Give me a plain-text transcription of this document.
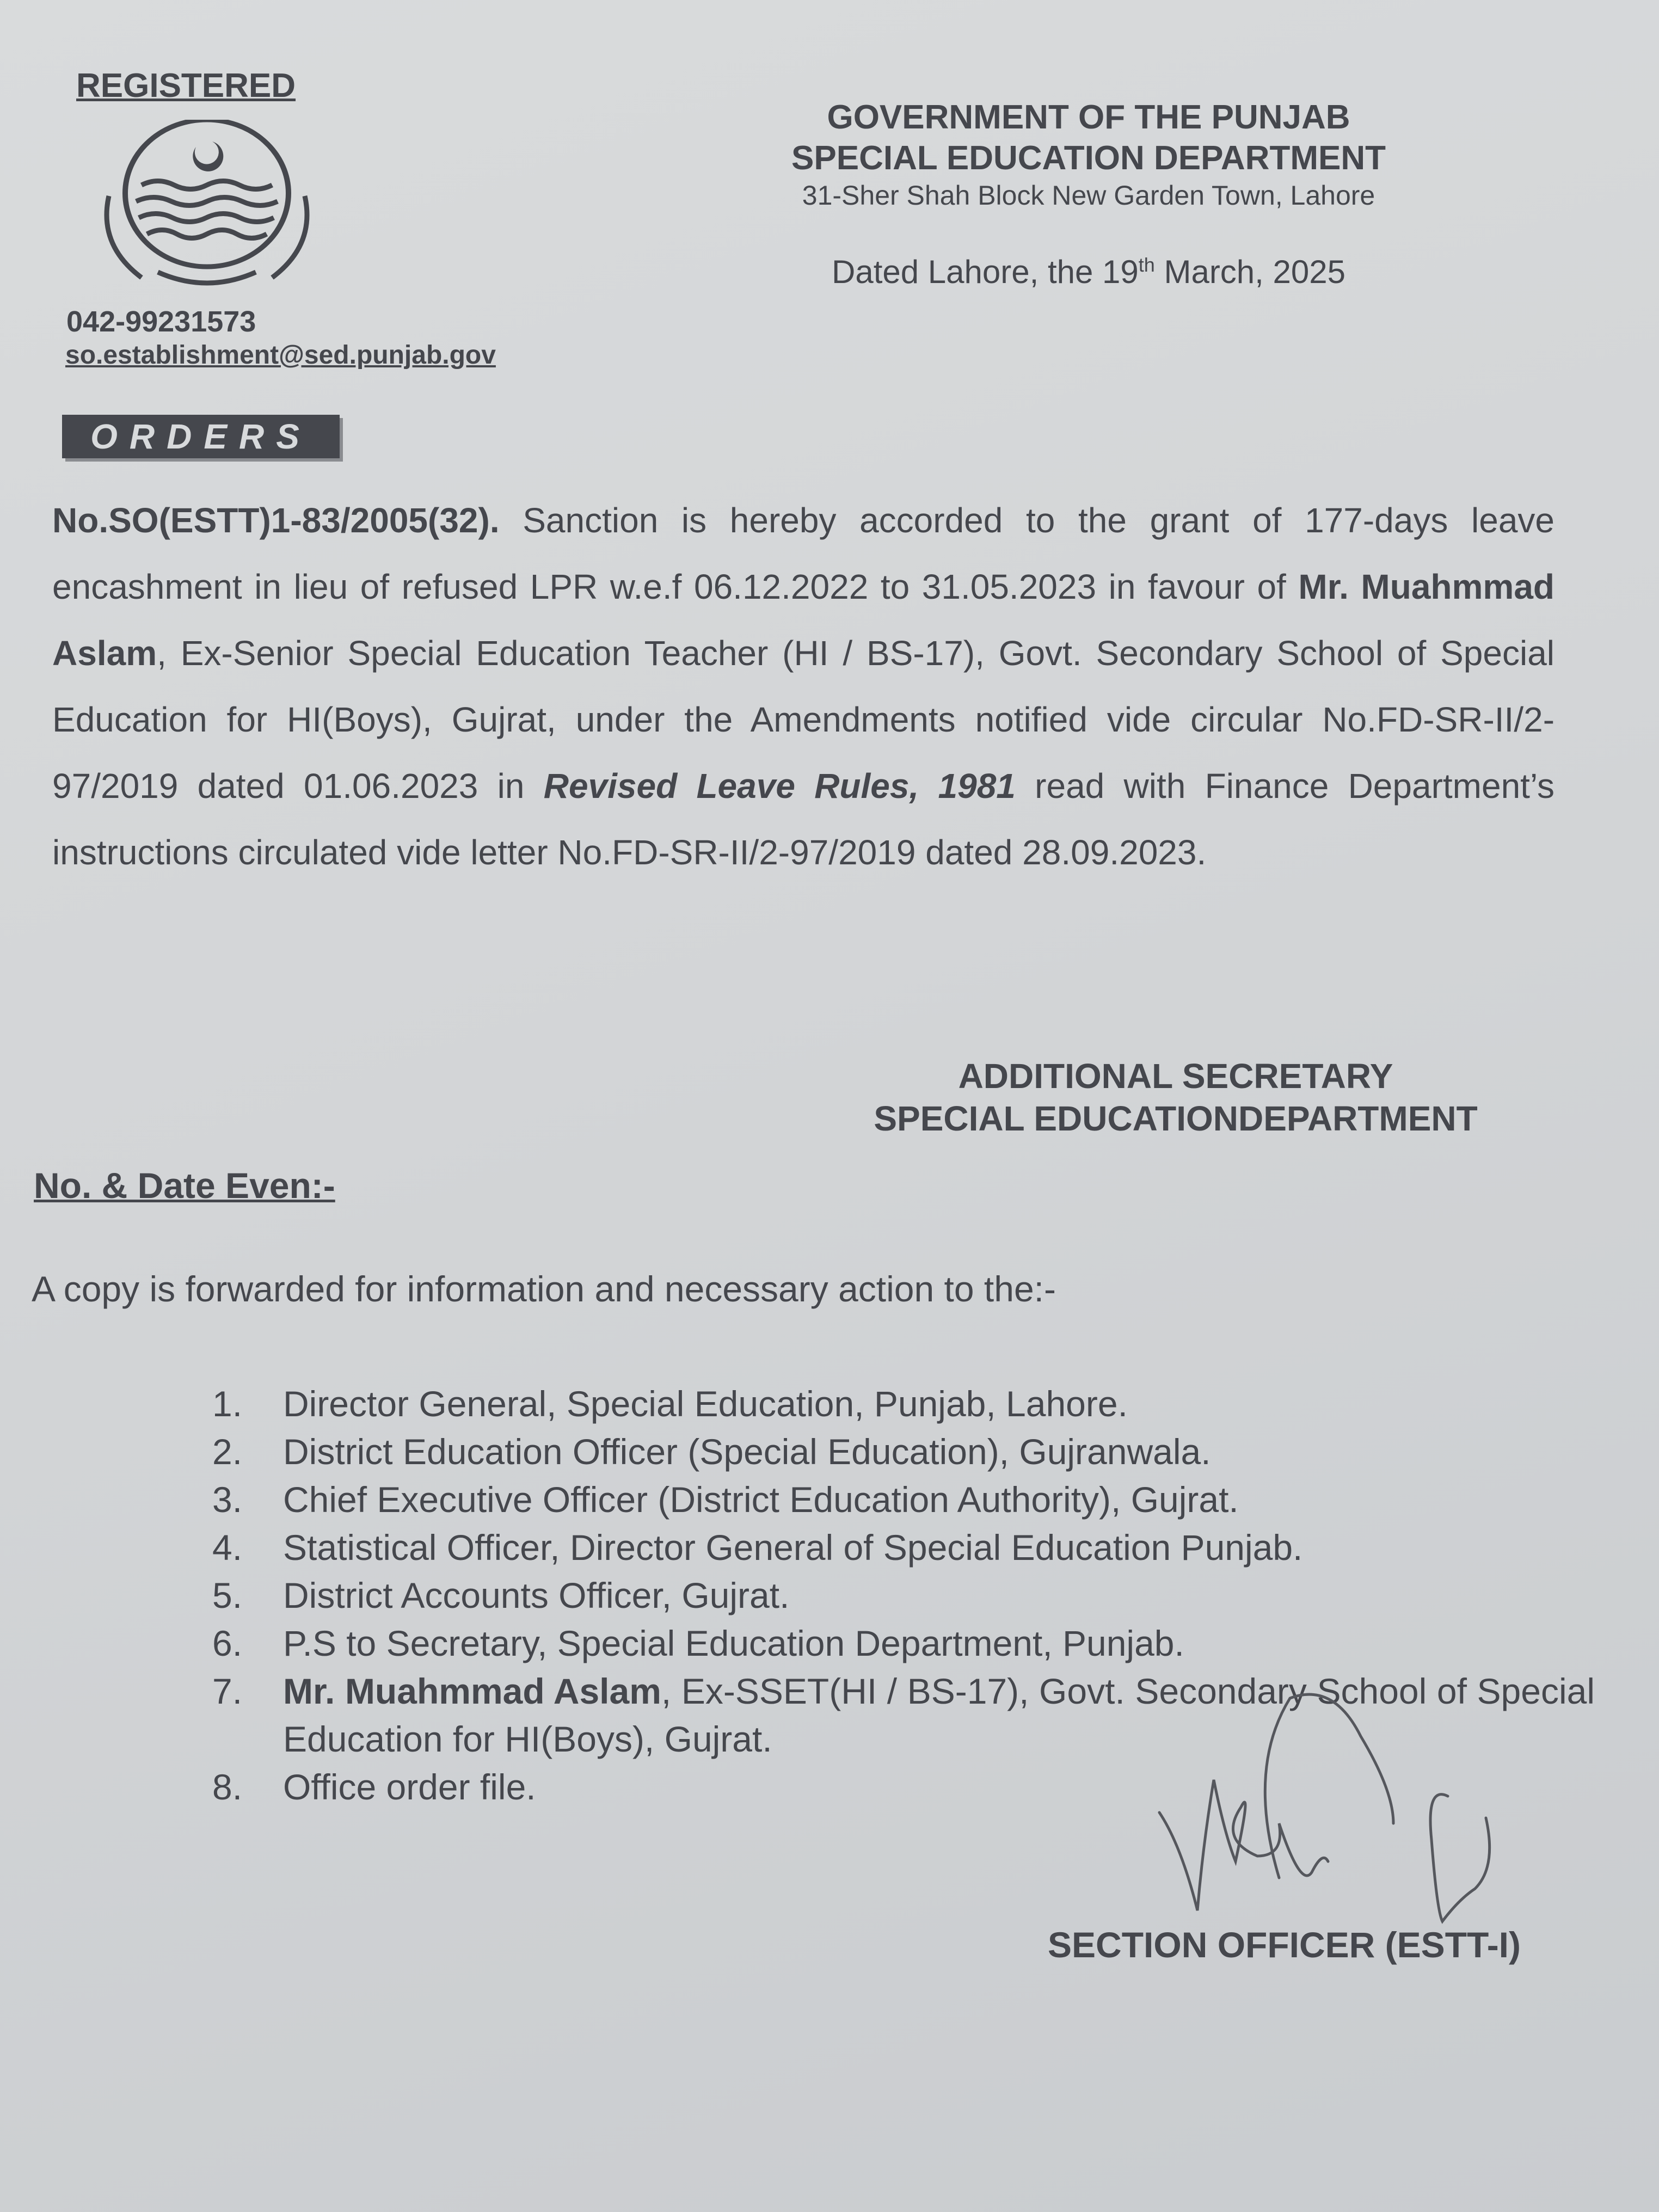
REGISTERED
042-99231573
so.establishment@sed.punjab.gov
GOVERNMENT OF THE PUNJAB
SPECIAL EDUCATION DEPARTMENT
31-Sher Shah Block New Garden Town, Lahore
Dated Lahore, the 19th March, 2025
ORDERS
No.SO(ESTT)1-83/2005(32). Sanction is hereby accorded to the grant of 177-days leave encashment in lieu of refused LPR w.e.f 06.12.2022 to 31.05.2023 in favour of Mr. Muahmmad Aslam, Ex-Senior Special Education Teacher (HI / BS-17), Govt. Secondary School of Special Education for HI(Boys), Gujrat, under the Amendments notified vide circular No.FD-SR-II/2-97/2019 dated 01.06.2023 in Revised Leave Rules, 1981 read with Finance Department’s instructions circulated vide letter No.FD-SR-II/2-97/2019 dated 28.09.2023.
ADDITIONAL SECRETARY
SPECIAL EDUCATIONDEPARTMENT
No. & Date Even:-
A copy is forwarded for information and necessary action to the:-
1.	Director General, Special Education, Punjab, Lahore.
2.	District Education Officer (Special Education), Gujranwala.
3.	Chief Executive Officer (District Education Authority), Gujrat.
4.	Statistical Officer, Director General of Special Education Punjab.
5.	District Accounts Officer, Gujrat.
6.	P.S to Secretary, Special Education Department, Punjab.
7.	Mr. Muahmmad Aslam, Ex-SSET(HI / BS-17), Govt. Secondary School of Special Education for HI(Boys), Gujrat.
8.	Office order file.
SECTION OFFICER (ESTT-I)
